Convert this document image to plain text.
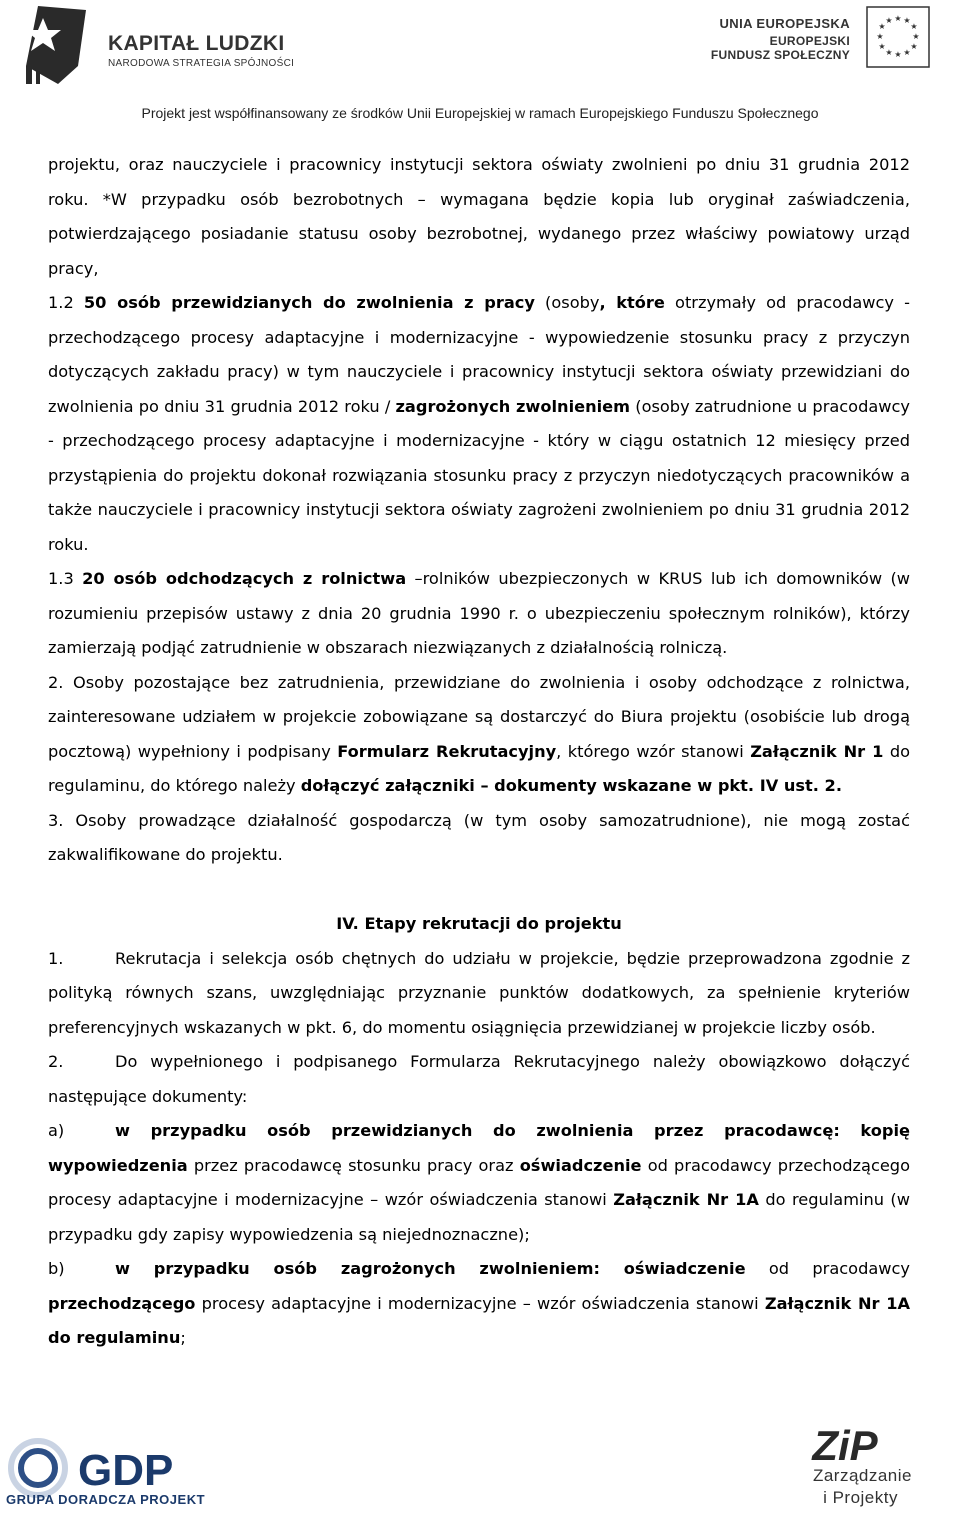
KAPITAŁ LUDZKI
NARODOWA STRATEGIA SPÓJNOŚCI
UNIA EUROPEJSKA
EUROPEJSKI
FUNDUSZ SPOŁECZNY
★ ★
★
★
★
★
★
★
★
★
★
★
Projekt jest współfinansowany ze środków Unii Europejskiej w ramach Europejskiego Funduszu Społecznego

projektu, oraz nauczyciele i pracownicy instytucji sektora oświaty zwolnieni po dniu 31 grudnia 2012 roku. *W przypadku osób bezrobotnych – wymagana będzie kopia lub oryginał zaświadczenia, potwierdzającego posiadanie statusu osoby bezrobotnej, wydanego przez właściwy powiatowy urząd pracy,

1.2 50 osób przewidzianych do zwolnienia z pracy (osoby, które otrzymały od pracodawcy - przechodzącego procesy adaptacyjne i modernizacyjne - wypowiedzenie stosunku pracy z przyczyn dotyczących zakładu pracy) w tym nauczyciele i pracownicy instytucji sektora oświaty przewidziani do zwolnienia po dniu 31 grudnia 2012 roku / zagrożonych zwolnieniem (osoby zatrudnione u pracodawcy - przechodzącego procesy adaptacyjne i modernizacyjne - który w ciągu ostatnich 12 miesięcy przed przystąpienia do projektu dokonał rozwiązania stosunku pracy z przyczyn niedotyczących pracowników a także nauczyciele i pracownicy instytucji sektora oświaty zagrożeni zwolnieniem po dniu 31 grudnia 2012 roku.

1.3 20 osób odchodzących z rolnictwa –rolników ubezpieczonych w KRUS lub ich domowników (w rozumieniu przepisów ustawy z dnia 20 grudnia 1990 r. o ubezpieczeniu społecznym rolników), którzy zamierzają podjąć zatrudnienie w obszarach niezwiązanych z działalnością rolniczą.

2. Osoby pozostające bez zatrudnienia, przewidziane do zwolnienia i osoby odchodzące z rolnictwa, zainteresowane udziałem w projekcie zobowiązane są dostarczyć do Biura projektu (osobiście lub drogą pocztową) wypełniony i podpisany Formularz Rekrutacyjny, którego wzór stanowi Załącznik Nr 1 do regulaminu, do którego należy dołączyć załączniki – dokumenty wskazane w pkt. IV ust. 2.

3. Osoby prowadzące działalność gospodarczą (w tym osoby samozatrudnione), nie mogą zostać zakwalifikowane do projektu.

IV. Etapy rekrutacji do projektu

1.	Rekrutacja i selekcja osób chętnych do udziału w projekcie, będzie przeprowadzona zgodnie z polityką równych szans, uwzględniając przyznanie punktów dodatkowych, za spełnienie kryteriów preferencyjnych wskazanych w pkt. 6, do momentu osiągnięcia przewidzianej w projekcie liczby osób.

2.	Do wypełnionego i podpisanego Formularza Rekrutacyjnego należy obowiązkowo dołączyć następujące dokumenty:

a)	w przypadku osób przewidzianych do zwolnienia przez pracodawcę: kopię wypowiedzenia przez pracodawcę stosunku pracy oraz oświadczenie od pracodawcy przechodzącego procesy adaptacyjne i modernizacyjne – wzór oświadczenia stanowi Załącznik Nr 1A do regulaminu (w przypadku gdy zapisy wypowiedzenia są niejednoznaczne);

b)	w przypadku osób zagrożonych zwolnieniem: oświadczenie od pracodawcy przechodzącego procesy adaptacyjne i modernizacyjne – wzór oświadczenia stanowi Załącznik Nr 1A do regulaminu;

GDP
GRUPA DORADCZA PROJEKT
ZiP
Zarządzanie
i Projekty
